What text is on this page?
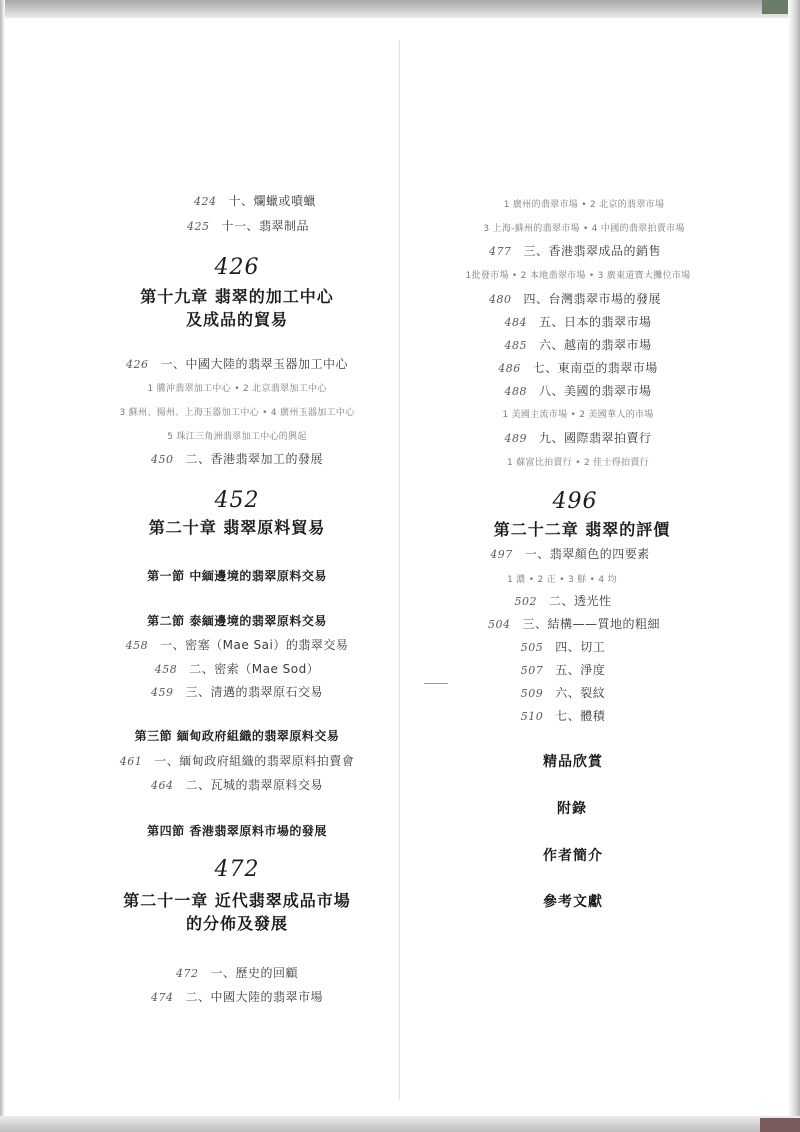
424 十、爛蠟或噴蠟
425 十一、翡翠制品
426
第十九章 翡翠的加工中心
及成品的貿易
426 一、中國大陸的翡翠玉器加工中心
1 騰沖翡翠加工中心 • 2 北京翡翠加工中心
3 蘇州、揚州、上海玉器加工中心 • 4 廣州玉器加工中心
5 珠江三角洲翡翠加工中心的興起
450 二、香港翡翠加工的發展
452
第二十章 翡翠原料貿易
第一節 中緬邊境的翡翠原料交易
第二節 泰緬邊境的翡翠原料交易
458 一、密塞（Mae Sai）的翡翠交易
458 二、密索（Mae Sod）
459 三、清邁的翡翠原石交易
第三節 緬甸政府組織的翡翠原料交易
461 一、緬甸政府組織的翡翠原料拍賣會
464 二、瓦城的翡翠原料交易
第四節 香港翡翠原料市場的發展
472
第二十一章 近代翡翠成品市場
的分佈及發展
472 一、歷史的回顧
474 二、中國大陸的翡翠市場
1 廣州的翡翠市場 • 2 北京的翡翠市場
3 上海-蘇州的翡翠市場 • 4 中國的翡翠拍賣市場
477 三、香港翡翠成品的銷售
1批發市場 • 2 本地翡翠市場 • 3 廣東道寶大攤位市場
480 四、台灣翡翠市場的發展
484 五、日本的翡翠市場
485 六、越南的翡翠市場
486 七、東南亞的翡翠市場
488 八、美國的翡翠市場
1 美國主流市場 • 2 美國華人的市場
489 九、國際翡翠拍賣行
1 蘇富比拍賣行 • 2 佳士得拍賣行
496
第二十二章 翡翠的評價
497 一、翡翠顏色的四要素
1 濃 • 2 正 • 3 鮮 • 4 均
502 二、透光性
504 三、結構——質地的粗細
505 四、切工
507 五、淨度
509 六、裂紋
510 七、體積
精品欣賞
附錄
作者簡介
參考文獻
